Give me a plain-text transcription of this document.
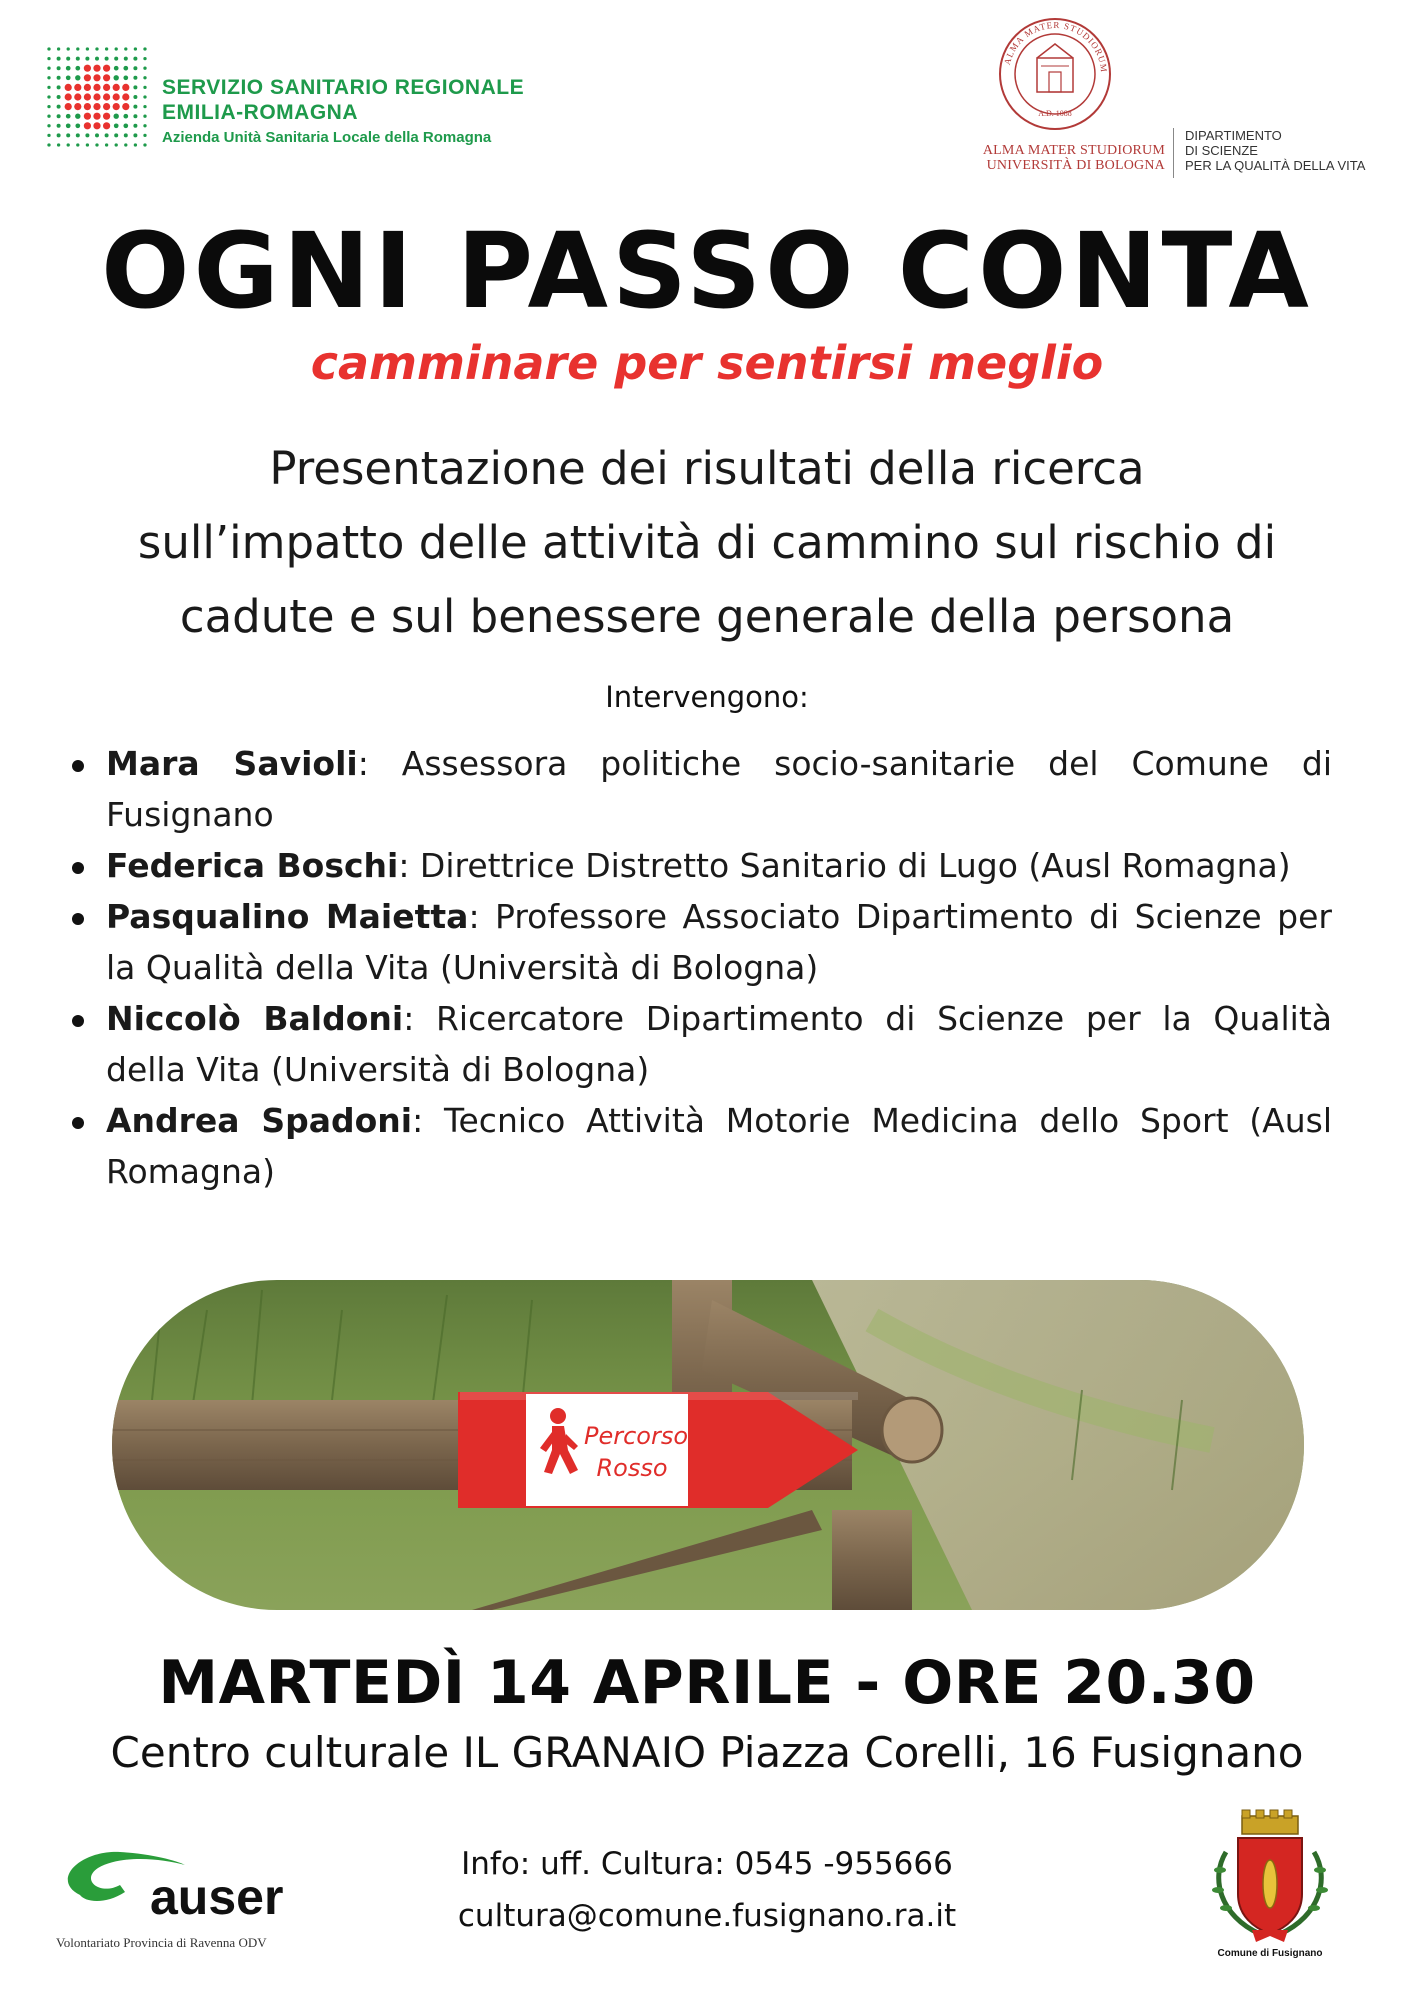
SERVIZIO SANITARIO REGIONALE
EMILIA-ROMAGNA
Azienda Unità Sanitaria Locale della Romagna
ALMA MATER STUDIORUM
A.D. 1088
ALMA MATER STUDIORUM
UNIVERSITÀ DI BOLOGNA
DIPARTIMENTO
DI SCIENZE
PER LA QUALITÀ DELLA VITA
OGNI PASSO CONTA
camminare per sentirsi meglio
Presentazione dei risultati della ricerca
sull’impatto delle attività di cammino sul rischio di
cadute e sul benessere generale della persona
Intervengono:
Mara Savioli: Assessora politiche socio-sanitarie del Comune di Fusignano
Federica Boschi: Direttrice Distretto Sanitario di Lugo (Ausl Romagna)
Pasqualino Maietta: Professore Associato Dipartimento di Scienze per la Qualità della Vita (Università di Bologna)
Niccolò Baldoni: Ricercatore Dipartimento di Scienze per la Qualità della Vita (Università di Bologna)
Andrea Spadoni: Tecnico Attività Motorie Medicina dello Sport (Ausl Romagna)
Percorso
Rosso
MARTEDÌ 14 APRILE - ORE 20.30
Centro culturale IL GRANAIO Piazza Corelli, 16 Fusignano
auser
Volontariato Provincia di Ravenna ODV
Info: uff. Cultura: 0545 -955666
cultura@comune.fusignano.ra.it
Comune di Fusignano
